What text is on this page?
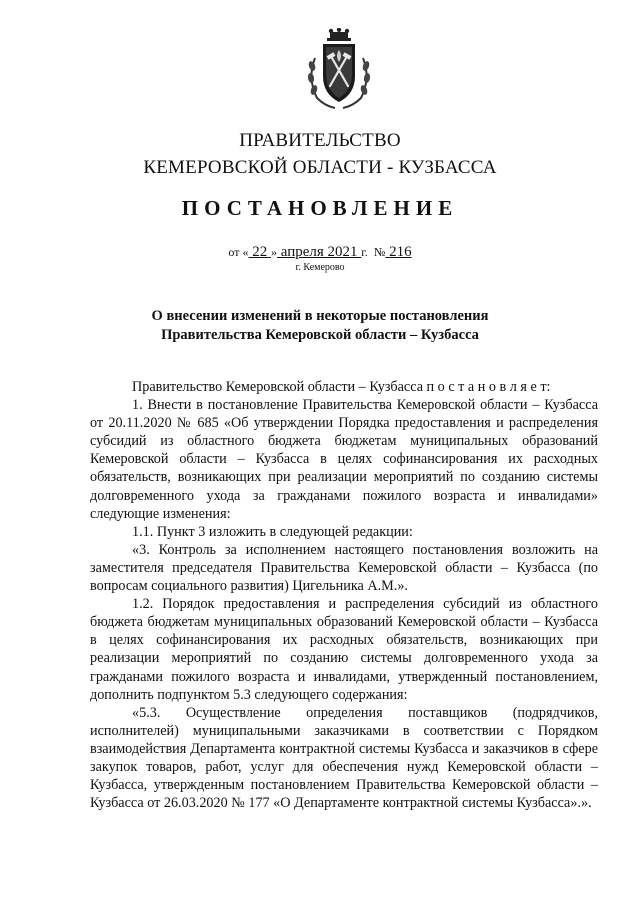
ПРАВИТЕЛЬСТВО
КЕМЕРОВСКОЙ ОБЛАСТИ - КУЗБАССА
ПОСТАНОВЛЕНИЕ
от « 22 » апреля 2021 г. № 216
г. Кемерово
О внесении изменений в некоторые постановления
Правительства Кемеровской области – Кузбасса

Правительство Кемеровской области – Кузбасса п о с т а н о в л я е т:

1. Внести в постановление Правительства Кемеровской области – Кузбасса от 20.11.2020 № 685 «Об утверждении Порядка предоставления и распределения субсидий из областного бюджета бюджетам муниципальных образований Кемеровской области – Кузбасса в целях софинансирования их расходных обязательств, возникающих при реализации мероприятий по созданию системы долговременного ухода за гражданами пожилого возраста и инвалидами» следующие изменения:

1.1. Пункт 3 изложить в следующей редакции:

«3. Контроль за исполнением настоящего постановления возложить на заместителя председателя Правительства Кемеровской области – Кузбасса (по вопросам социального развития) Цигельника А.М.».

1.2. Порядок предоставления и распределения субсидий из областного бюджета бюджетам муниципальных образований Кемеровской области – Кузбасса в целях софинансирования их расходных обязательств, возникающих при реализации мероприятий по созданию системы долговременного ухода за гражданами пожилого возраста и инвалидами, утвержденный постановлением, дополнить подпунктом 5.3 следующего содержания:

«5.3. Осуществление определения поставщиков (подрядчиков, исполнителей) муниципальными заказчиками в соответствии с Порядком взаимодействия Департамента контрактной системы Кузбасса и заказчиков в сфере закупок товаров, работ, услуг для обеспечения нужд Кемеровской области – Кузбасса, утвержденным постановлением Правительства Кемеровской области – Кузбасса от 26.03.2020 № 177 «О Департаменте контрактной системы Кузбасса».».
